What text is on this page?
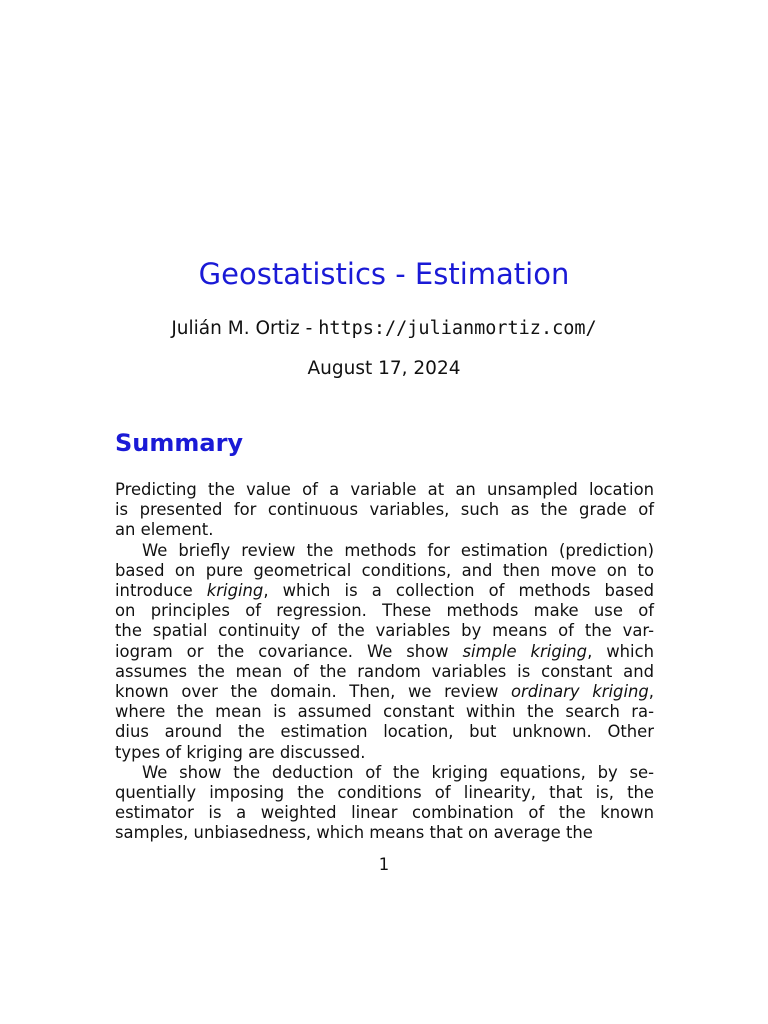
Geostatistics - Estimation
Julián M. Ortiz - https://julianmortiz.com/
August 17, 2024
Summary
Predicting the value of a variable at an unsampled location
is presented for continuous variables, such as the grade of
an element.
We briefly review the methods for estimation (prediction)
based on pure geometrical conditions, and then move on to
introduce kriging, which is a collection of methods based
on principles of regression. These methods make use of
the spatial continuity of the variables by means of the var-
iogram or the covariance. We show simple kriging, which
assumes the mean of the random variables is constant and
known over the domain. Then, we review ordinary kriging,
where the mean is assumed constant within the search ra-
dius around the estimation location, but unknown. Other
types of kriging are discussed.
We show the deduction of the kriging equations, by se-
quentially imposing the conditions of linearity, that is, the
estimator is a weighted linear combination of the known
samples, unbiasedness, which means that on average the
1
